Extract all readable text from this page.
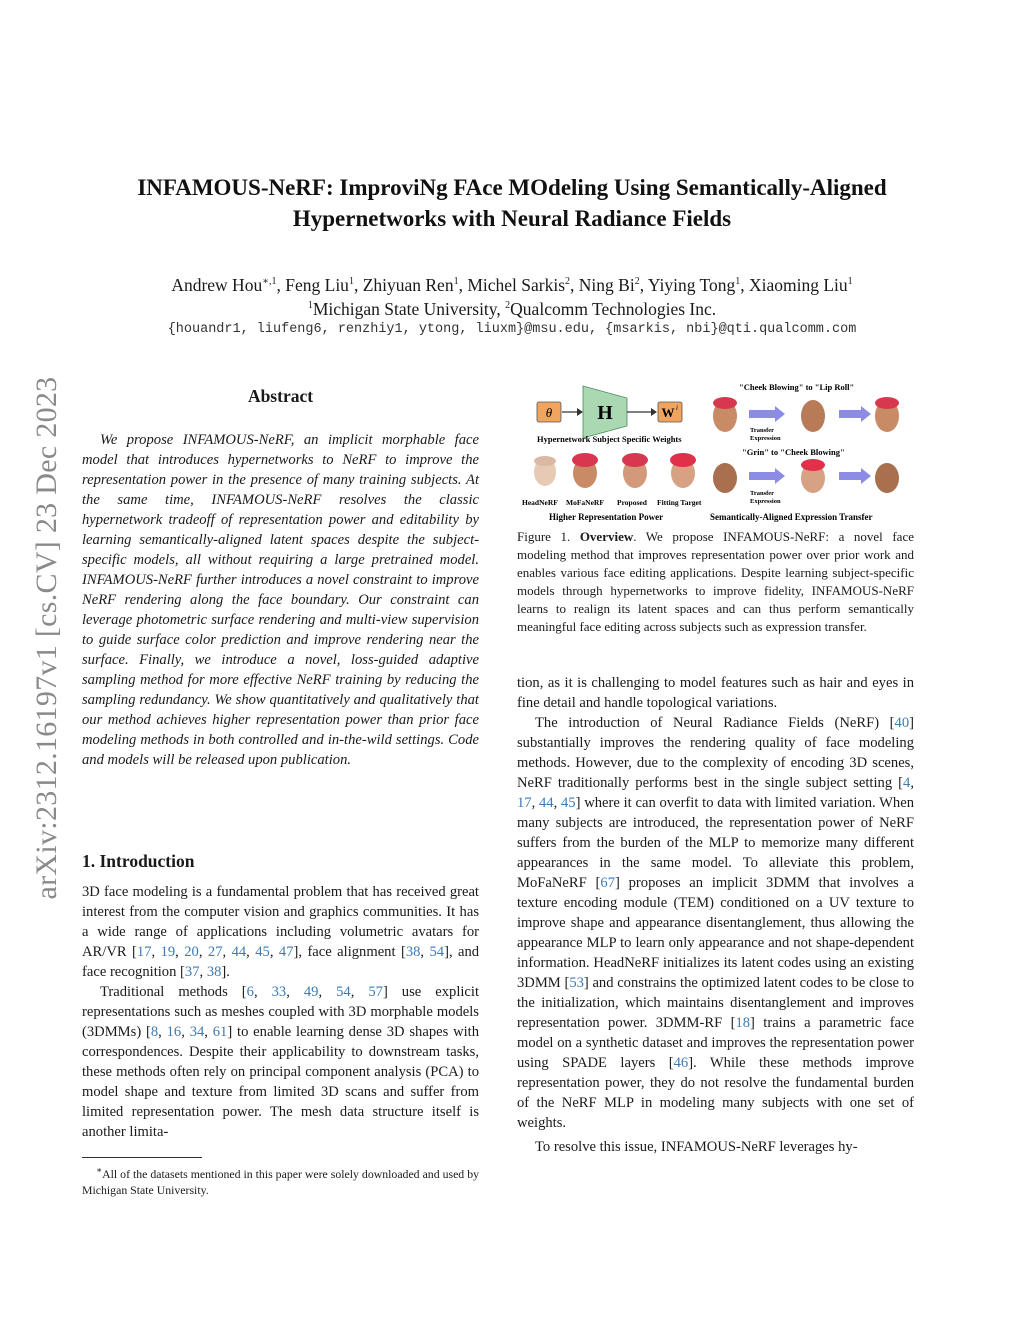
arXiv:2312.16197v1 [cs.CV] 23 Dec 2023
INFAMOUS-NeRF: ImproviNg FAce MOdeling Using Semantically-Aligned
Hypernetworks with Neural Radiance Fields
Andrew Hou$^{∗,1}$, Feng Liu$^1$, Zhiyuan Ren$^1$, Michel Sarkis$^2$, Ning Bi$^2$, Yiying Tong$^1$, Xiaoming Liu$^1$
$^1$Michigan State University, $^2$Qualcomm Technologies Inc.
{houandr1, liufeng6, renzhiy1, ytong, liuxm}@msu.edu, {msarkis, nbi}@qti.qualcomm.com
Abstract

We propose INFAMOUS-NeRF, an implicit morphable face model that introduces hypernetworks to NeRF to improve the representation power in the presence of many training subjects. At the same time, INFAMOUS-NeRF resolves the classic hypernetwork tradeoff of representation power and editability by learning semantically-aligned latent spaces despite the subject-specific models, all without requiring a large pretrained model. INFAMOUS-NeRF further introduces a novel constraint to improve NeRF rendering along the face boundary. Our constraint can leverage photometric surface rendering and multi-view supervision to guide surface color prediction and improve rendering near the surface. Finally, we introduce a novel, loss-guided adaptive sampling method for more effective NeRF training by reducing the sampling redundancy. We show quantitatively and qualitatively that our method achieves higher representation power than prior face modeling methods in both controlled and in-the-wild settings. Code and models will be released upon publication.

1. Introduction

3D face modeling is a fundamental problem that has received great interest from the computer vision and graphics communities. It has a wide range of applications including volumetric avatars for AR/VR [17, 19, 20, 27, 44, 45, 47], face alignment [38, 54], and face recognition [37, 38].

Traditional methods [6, 33, 49, 54, 57] use explicit representations such as meshes coupled with 3D morphable models (3DMMs) [8, 16, 34, 61] to enable learning dense 3D shapes with correspondences. Despite their applicability to downstream tasks, these methods often rely on principal component analysis (PCA) to model shape and texture from limited 3D scans and suffer from limited representation power. The mesh data structure itself is another limita-

∗All of the datasets mentioned in this paper were solely downloaded and used by Michigan State University.
θ H	W i
Hypernetwork Subject Specific Weights
HeadNeRF MoFaNeRF Proposed Fitting Target
Higher Representation Power
"Cheek Blowing" to "Lip Roll"
Transfer
Expression
"Grin" to "Cheek Blowing"
Transfer
Expression
Semantically-Aligned Expression Transfer
Figure 1. Overview. We propose INFAMOUS-NeRF: a novel face modeling method that improves representation power over prior work and enables various face editing applications. Despite learning subject-specific models through hypernetworks to improve fidelity, INFAMOUS-NeRF learns to realign its latent spaces and can thus perform semantically meaningful face editing across subjects such as expression transfer.

tion, as it is challenging to model features such as hair and eyes in fine detail and handle topological variations.

The introduction of Neural Radiance Fields (NeRF) [40] substantially improves the rendering quality of face modeling methods. However, due to the complexity of encoding 3D scenes, NeRF traditionally performs best in the single subject setting [4, 17, 44, 45] where it can overfit to data with limited variation. When many subjects are introduced, the representation power of NeRF suffers from the burden of the MLP to memorize many different appearances in the same model. To alleviate this problem, MoFaNeRF [67] proposes an implicit 3DMM that involves a texture encoding module (TEM) conditioned on a UV texture to improve shape and appearance disentanglement, thus allowing the appearance MLP to learn only appearance and not shape-dependent information. HeadNeRF initializes its latent codes using an existing 3DMM [53] and constrains the optimized latent codes to be close to the initialization, which maintains disentanglement and improves representation power. 3DMM-RF [18] trains a parametric face model on a synthetic dataset and improves the representation power using SPADE layers [46]. While these methods improve representation power, they do not resolve the fundamental burden of the NeRF MLP in modeling many subjects with one set of weights.

To resolve this issue, INFAMOUS-NeRF leverages hy-
